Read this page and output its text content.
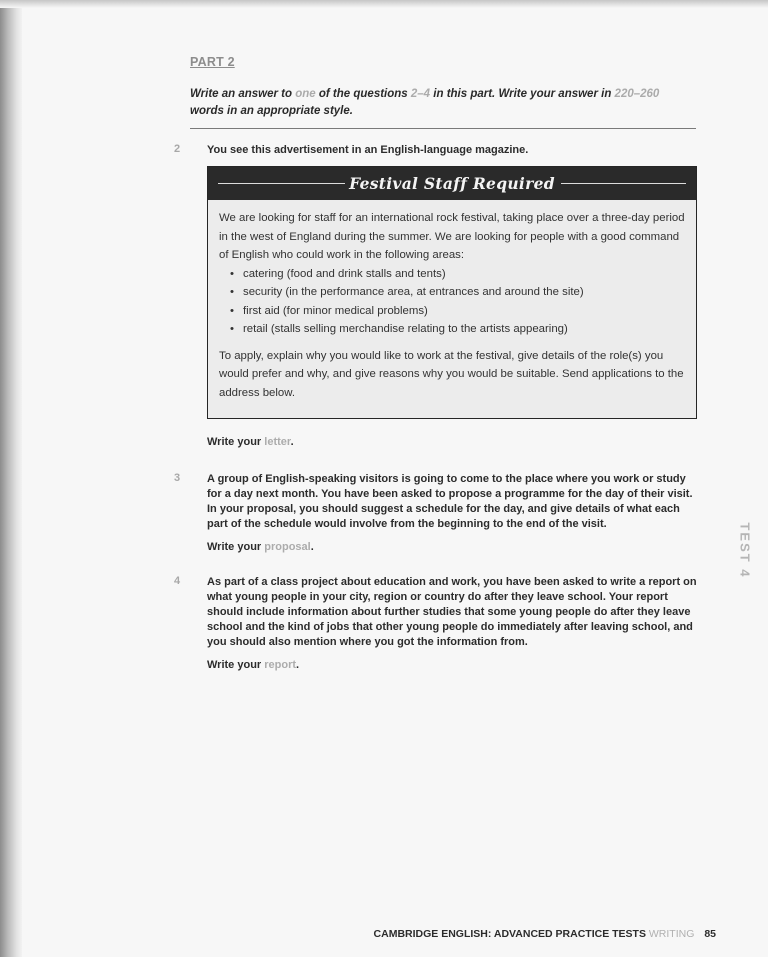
PART 2
Write an answer to one of the questions 2–4 in this part. Write your answer in 220–260 words in an appropriate style.
2 You see this advertisement in an English-language magazine.
Festival Staff Required

We are looking for staff for an international rock festival, taking place over a three-day period in the west of England during the summer. We are looking for people with a good command of English who could work in the following areas:

• catering (food and drink stalls and tents)
• security (in the performance area, at entrances and around the site)
• first aid (for minor medical problems)
• retail (stalls selling merchandise relating to the artists appearing)

To apply, explain why you would like to work at the festival, give details of the role(s) you would prefer and why, and give reasons why you would be suitable. Send applications to the address below.

Write your letter.
3 A group of English-speaking visitors is going to come to the place where you work or study for a day next month. You have been asked to propose a programme for the day of their visit. In your proposal, you should suggest a schedule for the day, and give details of what each part of the schedule would involve from the beginning to the end of the visit.
Write your proposal.
4 As part of a class project about education and work, you have been asked to write a report on what young people in your city, region or country do after they leave school. Your report should include information about further studies that some young people do after they leave school and the kind of jobs that other young people do immediately after leaving school, and you should also mention where you got the information from.
Write your report.
TEST 4
CAMBRIDGE ENGLISH: ADVANCED PRACTICE TESTS WRITING 85
